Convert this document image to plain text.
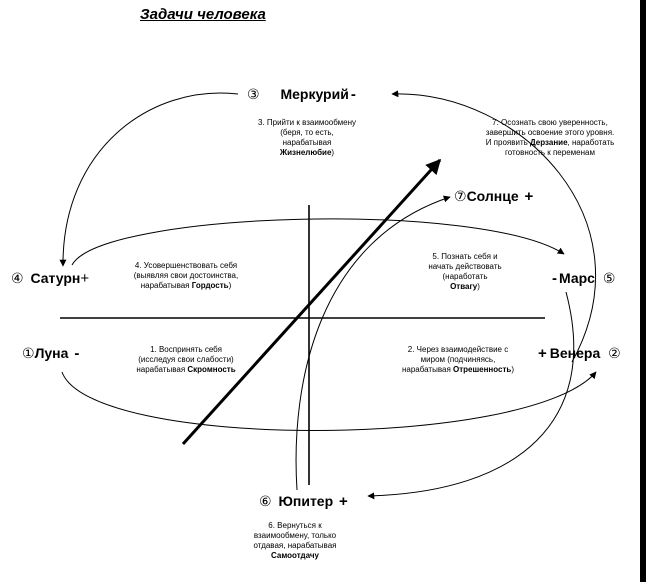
Задачи человека
③ Меркурий -
⑦Солнце +
④ Сатурн+	- Марс ⑤
①Луна -	+ Венера ②
⑥ Юпитер +
3. Прийти к взаимообмену
(беря, то есть,
нарабатывая
Жизнелюбие)
7. Осознать свою уверенность,
завершить освоение этого уровня.
И проявить Дерзание, наработать
готовность к переменам
4. Усовершенствовать себя
(выявляя свои достоинства,
нарабатывая Гордость)
5. Познать себя и
начать действовать
(наработать
Отвагу)
1. Воспринять себя
(исследуя свои слабости)
нарабатывая Скромность
2. Через взаимодействие с
миром (подчиняясь,
нарабатывая Отрешенность)
6. Вернуться к
взаимообмену, только
отдавая, нарабатывая
Самоотдачу
